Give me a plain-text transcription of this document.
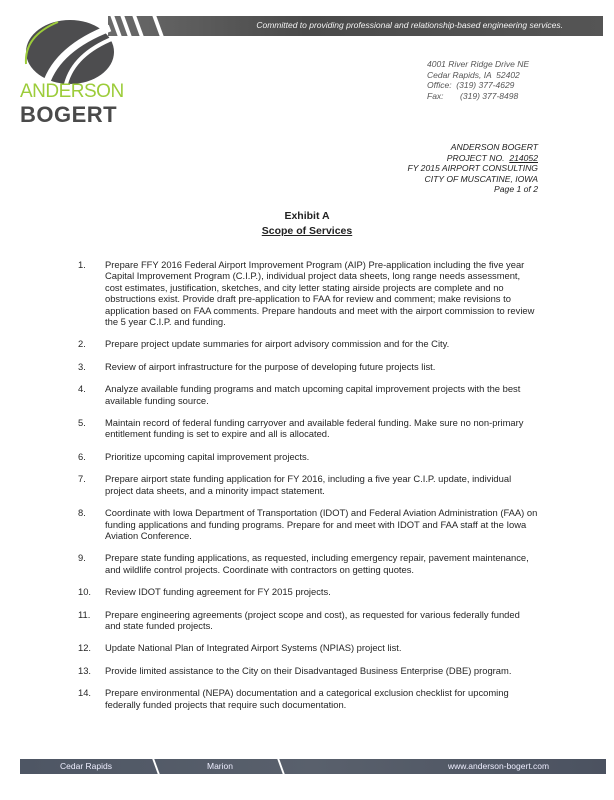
Committed to providing professional and relationship-based engineering services.
ANDERSON
BOGERT
4001 River Ridge Drive NE
Cedar Rapids, IA  52402
Office:  (319) 377-4629
Fax:       (319) 377-8498
ANDERSON BOGERT
PROJECT NO. 214052
FY 2015 AIRPORT CONSULTING
CITY OF MUSCATINE, IOWA
Page 1 of 2
Exhibit A
Scope of Services
1. Prepare FFY 2016 Federal Airport Improvement Program (AIP) Pre-application including the five year Capital Improvement Program (C.I.P.), individual project data sheets, long range needs assessment, cost estimates, justification, sketches, and city letter stating airside projects are complete and no obstructions exist. Provide draft pre-application to FAA for review and comment; make revisions to application based on FAA comments. Prepare handouts and meet with the airport commission to review the 5 year C.I.P. and funding.
2. Prepare project update summaries for airport advisory commission and for the City.
3. Review of airport infrastructure for the purpose of developing future projects list.
4. Analyze available funding programs and match upcoming capital improvement projects with the best available funding source.
5. Maintain record of federal funding carryover and available federal funding. Make sure no non-primary entitlement funding is set to expire and all is allocated.
6. Prioritize upcoming capital improvement projects.
7. Prepare airport state funding application for FY 2016, including a five year C.I.P. update, individual project data sheets, and a minority impact statement.
8. Coordinate with Iowa Department of Transportation (IDOT) and Federal Aviation Administration (FAA) on funding applications and funding programs. Prepare for and meet with IDOT and FAA staff at the Iowa Aviation Conference.
9. Prepare state funding applications, as requested, including emergency repair, pavement maintenance, and wildlife control projects. Coordinate with contractors on getting quotes.
10. Review IDOT funding agreement for FY 2015 projects.
11. Prepare engineering agreements (project scope and cost), as requested for various federally funded and state funded projects.
12. Update National Plan of Integrated Airport Systems (NPIAS) project list.
13. Provide limited assistance to the City on their Disadvantaged Business Enterprise (DBE) program.
14. Prepare environmental (NEPA) documentation and a categorical exclusion checklist for upcoming federally funded projects that require such documentation.
Cedar Rapids	Marion	www.anderson-bogert.com
